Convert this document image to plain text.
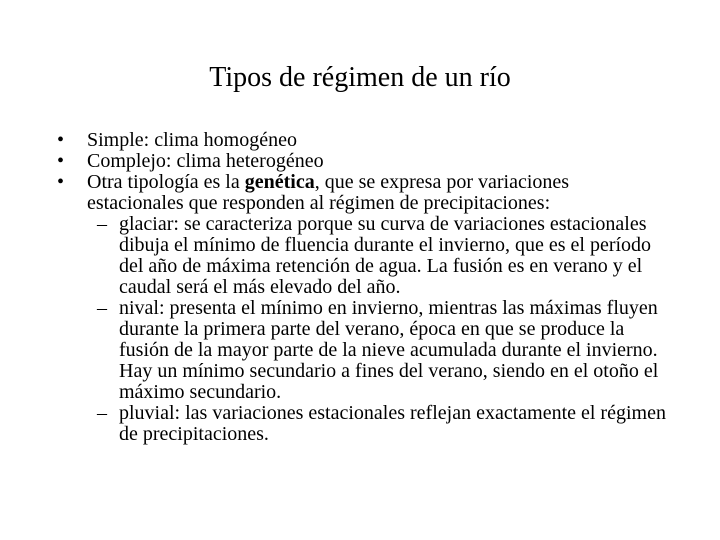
Tipos de régimen de un río
•	Simple: clima homogéneo
•	Complejo: clima heterogéneo
•	Otra tipología es la genética, que se expresa por variaciones estacionales que responden al régimen de precipitaciones:
– glaciar: se caracteriza porque su curva de variaciones estacionales dibuja el mínimo de fluencia durante el invierno, que es el período del año de máxima retención de agua. La fusión es en verano y el caudal será el más elevado del año.
– nival: presenta el mínimo en invierno, mientras las máximas fluyen durante la primera parte del verano, época en que se produce la fusión de la mayor parte de la nieve acumulada durante el invierno. Hay un mínimo secundario a fines del verano, siendo en el otoño el máximo secundario.
– pluvial: las variaciones estacionales reflejan exactamente el régimen de precipitaciones.
